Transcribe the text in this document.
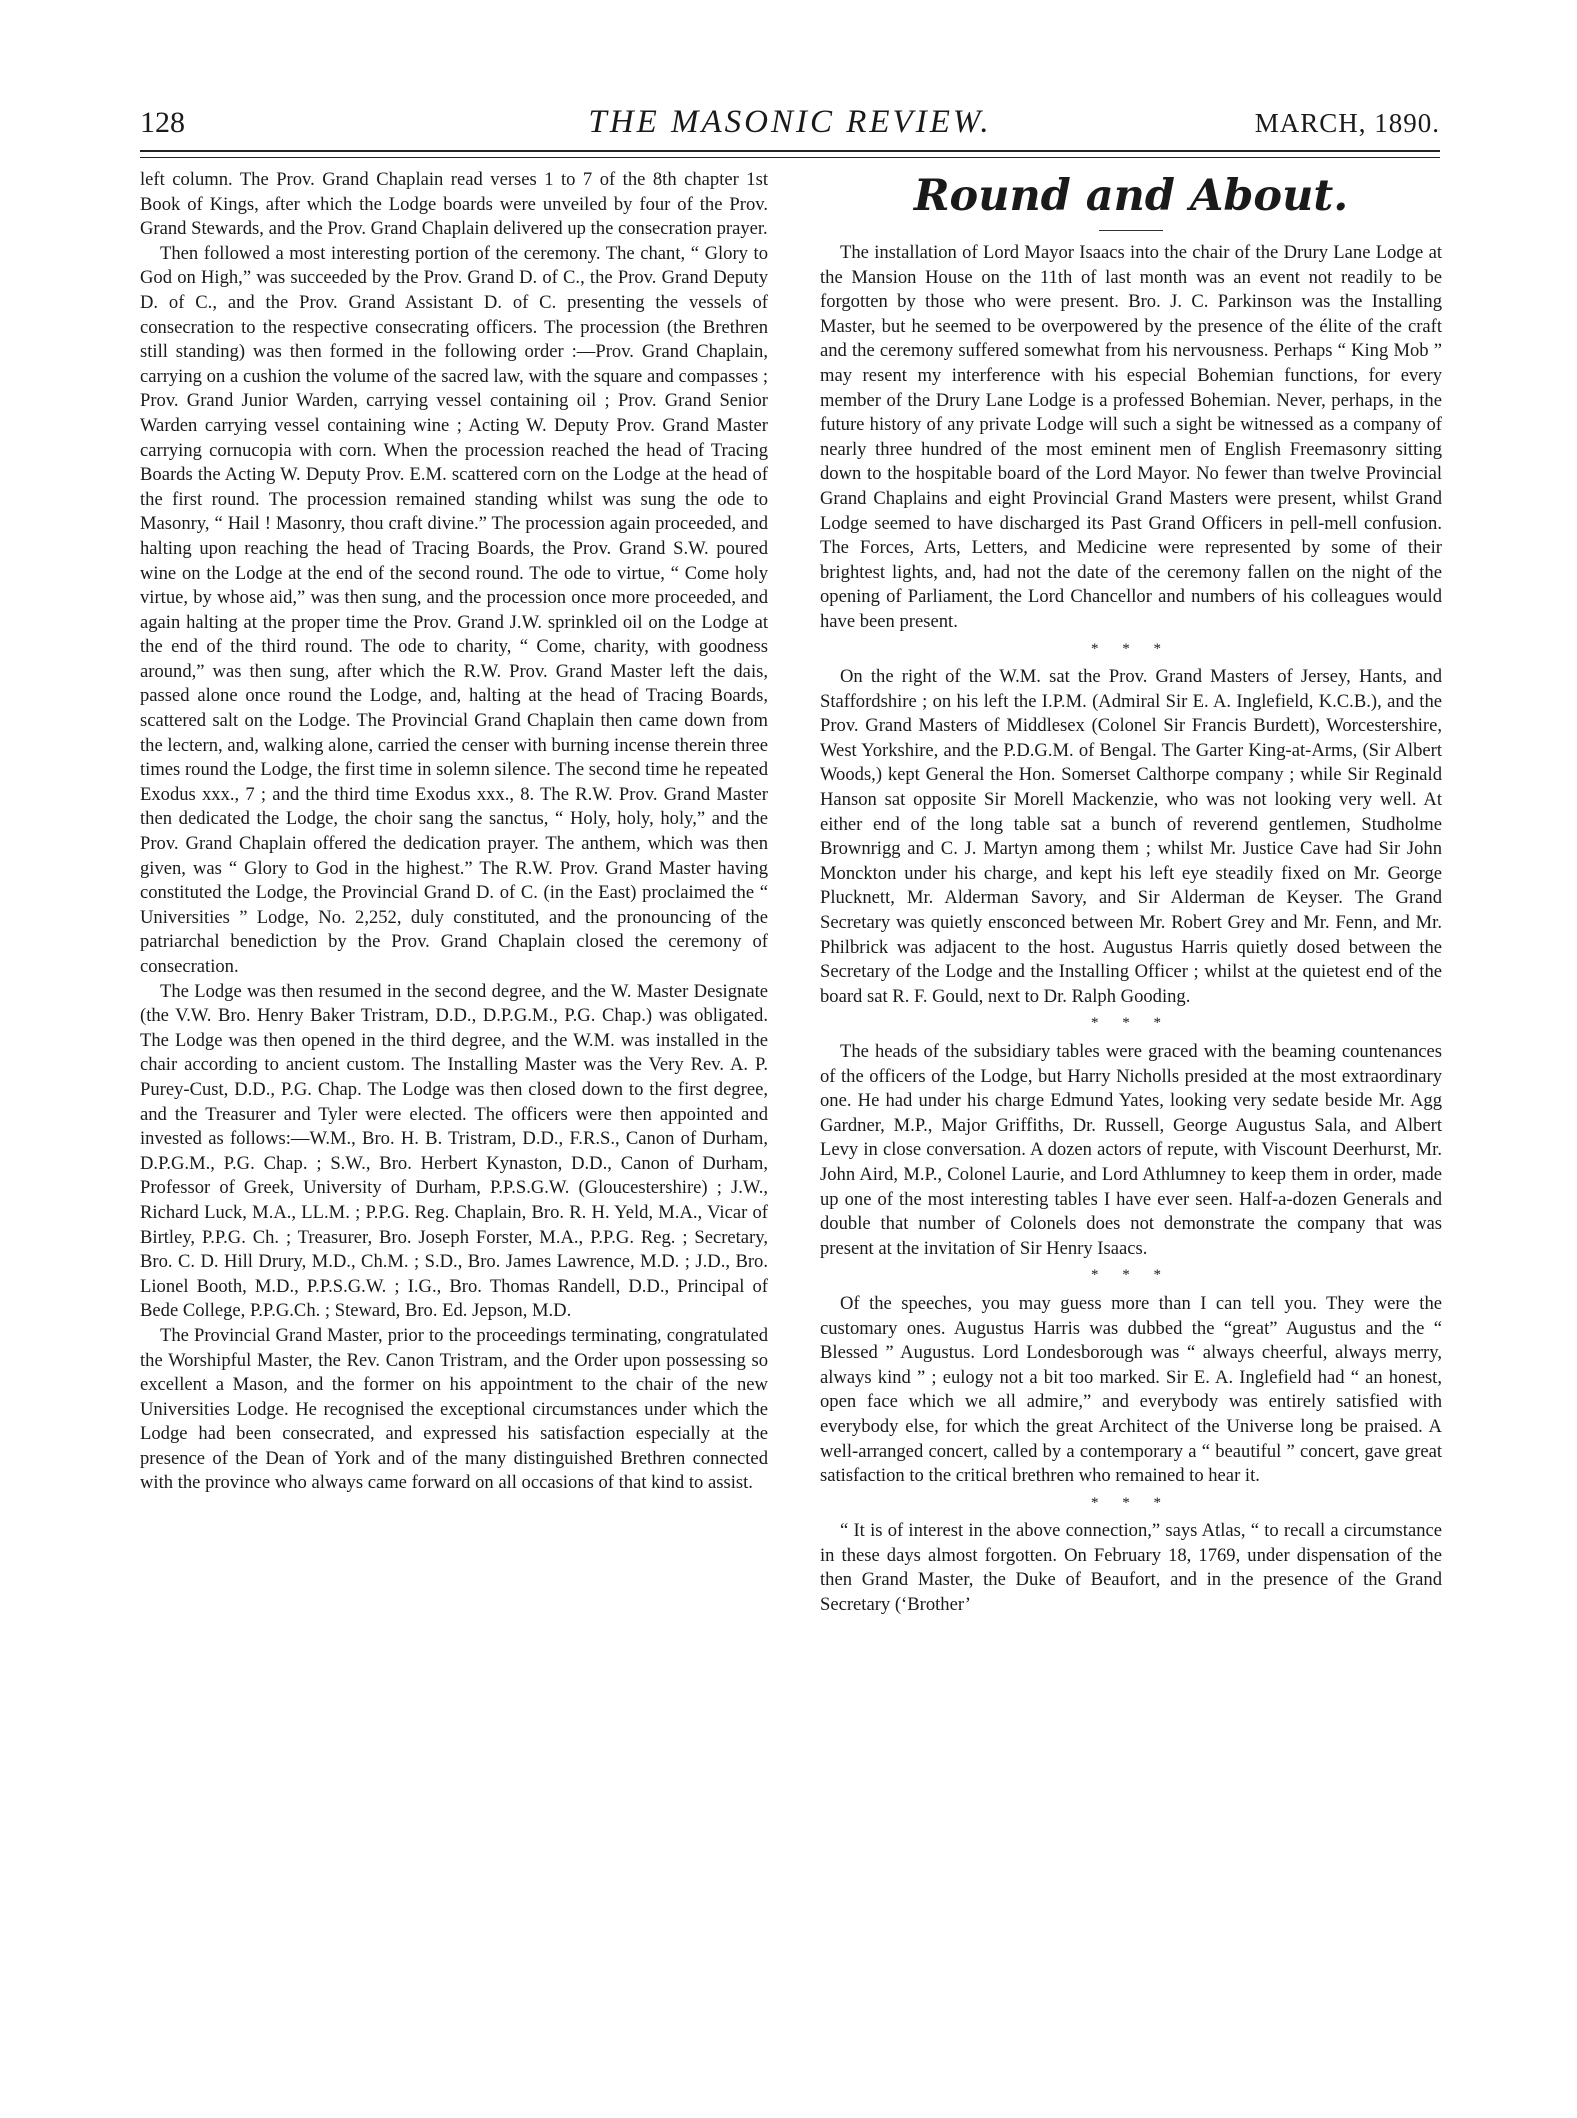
128	THE MASONIC REVIEW.	MARCH, 1890.

left column. The Prov. Grand Chaplain read verses 1 to 7 of the 8th chapter 1st Book of Kings, after which the Lodge boards were unveiled by four of the Prov. Grand Stewards, and the Prov. Grand Chaplain delivered up the consecration prayer.

Then followed a most interesting portion of the ceremony. The chant, “ Glory to God on High,” was succeeded by the Prov. Grand D. of C., the Prov. Grand Deputy D. of C., and the Prov. Grand Assistant D. of C. presenting the vessels of consecration to the respective consecrating officers. The procession (the Brethren still standing) was then formed in the following order :—Prov. Grand Chaplain, carrying on a cushion the volume of the sacred law, with the square and compasses ; Prov. Grand Junior Warden, carrying vessel containing oil ; Prov. Grand Senior Warden carrying vessel containing wine ; Acting W. Deputy Prov. Grand Master carrying cornucopia with corn. When the procession reached the head of Tracing Boards the Acting W. Deputy Prov. E.M. scattered corn on the Lodge at the head of the first round. The procession remained standing whilst was sung the ode to Masonry, “ Hail ! Masonry, thou craft divine.” The procession again proceeded, and halting upon reaching the head of Tracing Boards, the Prov. Grand S.W. poured wine on the Lodge at the end of the second round. The ode to virtue, “ Come holy virtue, by whose aid,” was then sung, and the procession once more proceeded, and again halting at the proper time the Prov. Grand J.W. sprinkled oil on the Lodge at the end of the third round. The ode to charity, “ Come, charity, with goodness around,” was then sung, after which the R.W. Prov. Grand Master left the dais, passed alone once round the Lodge, and, halting at the head of Tracing Boards, scattered salt on the Lodge. The Provincial Grand Chaplain then came down from the lectern, and, walking alone, carried the censer with burning incense therein three times round the Lodge, the first time in solemn silence. The second time he repeated Exodus xxx., 7 ; and the third time Exodus xxx., 8. The R.W. Prov. Grand Master then dedicated the Lodge, the choir sang the sanctus, “ Holy, holy, holy,” and the Prov. Grand Chaplain offered the dedication prayer. The anthem, which was then given, was “ Glory to God in the highest.” The R.W. Prov. Grand Master having constituted the Lodge, the Provincial Grand D. of C. (in the East) proclaimed the “ Universities ” Lodge, No. 2,252, duly constituted, and the pronouncing of the patriarchal benediction by the Prov. Grand Chaplain closed the ceremony of consecration.

The Lodge was then resumed in the second degree, and the W. Master Designate (the V.W. Bro. Henry Baker Tristram, D.D., D.P.G.M., P.G. Chap.) was obligated. The Lodge was then opened in the third degree, and the W.M. was installed in the chair according to ancient custom. The Installing Master was the Very Rev. A. P. Purey-Cust, D.D., P.G. Chap. The Lodge was then closed down to the first degree, and the Treasurer and Tyler were elected. The officers were then appointed and invested as follows:—W.M., Bro. H. B. Tristram, D.D., F.R.S., Canon of Durham, D.P.G.M., P.G. Chap. ; S.W., Bro. Herbert Kynaston, D.D., Canon of Durham, Professor of Greek, University of Durham, P.P.S.G.W. (Gloucestershire) ; J.W., Richard Luck, M.A., LL.M. ; P.P.G. Reg. Chaplain, Bro. R. H. Yeld, M.A., Vicar of Birtley, P.P.G. Ch. ; Treasurer, Bro. Joseph Forster, M.A., P.P.G. Reg. ; Secretary, Bro. C. D. Hill Drury, M.D., Ch.M. ; S.D., Bro. James Lawrence, M.D. ; J.D., Bro. Lionel Booth, M.D., P.P.S.G.W. ; I.G., Bro. Thomas Randell, D.D., Principal of Bede College, P.P.G.Ch. ; Steward, Bro. Ed. Jepson, M.D.

The Provincial Grand Master, prior to the proceedings terminating, congratulated the Worshipful Master, the Rev. Canon Tristram, and the Order upon possessing so excellent a Mason, and the former on his appointment to the chair of the new Universities Lodge. He recognised the exceptional circumstances under which the Lodge had been consecrated, and expressed his satisfaction especially at the presence of the Dean of York and of the many distinguished Brethren connected with the province who always came forward on all occasions of that kind to assist.

Round and About.

The installation of Lord Mayor Isaacs into the chair of the Drury Lane Lodge at the Mansion House on the 11th of last month was an event not readily to be forgotten by those who were present. Bro. J. C. Parkinson was the Installing Master, but he seemed to be overpowered by the presence of the élite of the craft and the ceremony suffered somewhat from his nervousness. Perhaps “ King Mob ” may resent my interference with his especial Bohemian functions, for every member of the Drury Lane Lodge is a professed Bohemian. Never, perhaps, in the future history of any private Lodge will such a sight be witnessed as a company of nearly three hundred of the most eminent men of English Freemasonry sitting down to the hospitable board of the Lord Mayor. No fewer than twelve Provincial Grand Chaplains and eight Provincial Grand Masters were present, whilst Grand Lodge seemed to have discharged its Past Grand Officers in pell-mell confusion. The Forces, Arts, Letters, and Medicine were represented by some of their brightest lights, and, had not the date of the ceremony fallen on the night of the opening of Parliament, the Lord Chancellor and numbers of his colleagues would have been present.

* * *

On the right of the W.M. sat the Prov. Grand Masters of Jersey, Hants, and Staffordshire ; on his left the I.P.M. (Admiral Sir E. A. Inglefield, K.C.B.), and the Prov. Grand Masters of Middlesex (Colonel Sir Francis Burdett), Worcestershire, West Yorkshire, and the P.D.G.M. of Bengal. The Garter King-at-Arms, (Sir Albert Woods,) kept General the Hon. Somerset Calthorpe company ; while Sir Reginald Hanson sat opposite Sir Morell Mackenzie, who was not looking very well. At either end of the long table sat a bunch of reverend gentlemen, Studholme Brownrigg and C. J. Martyn among them ; whilst Mr. Justice Cave had Sir John Monckton under his charge, and kept his left eye steadily fixed on Mr. George Plucknett, Mr. Alderman Savory, and Sir Alderman de Keyser. The Grand Secretary was quietly ensconced between Mr. Robert Grey and Mr. Fenn, and Mr. Philbrick was adjacent to the host. Augustus Harris quietly dosed between the Secretary of the Lodge and the Installing Officer ; whilst at the quietest end of the board sat R. F. Gould, next to Dr. Ralph Gooding.

* * *

The heads of the subsidiary tables were graced with the beaming countenances of the officers of the Lodge, but Harry Nicholls presided at the most extraordinary one. He had under his charge Edmund Yates, looking very sedate beside Mr. Agg Gardner, M.P., Major Griffiths, Dr. Russell, George Augustus Sala, and Albert Levy in close conversation. A dozen actors of repute, with Viscount Deerhurst, Mr. John Aird, M.P., Colonel Laurie, and Lord Athlumney to keep them in order, made up one of the most interesting tables I have ever seen. Half-a-dozen Generals and double that number of Colonels does not demonstrate the company that was present at the invitation of Sir Henry Isaacs.

* * *

Of the speeches, you may guess more than I can tell you. They were the customary ones. Augustus Harris was dubbed the “great” Augustus and the “ Blessed ” Augustus. Lord Londesborough was “ always cheerful, always merry, always kind ” ; eulogy not a bit too marked. Sir E. A. Inglefield had “ an honest, open face which we all admire,” and everybody was entirely satisfied with everybody else, for which the great Architect of the Universe long be praised. A well-arranged concert, called by a contemporary a “ beautiful ” concert, gave great satisfaction to the critical brethren who remained to hear it.

* * *

“ It is of interest in the above connection,” says Atlas, “ to recall a circumstance in these days almost forgotten. On February 18, 1769, under dispensation of the then Grand Master, the Duke of Beaufort, and in the presence of the Grand Secretary (‘Brother’
